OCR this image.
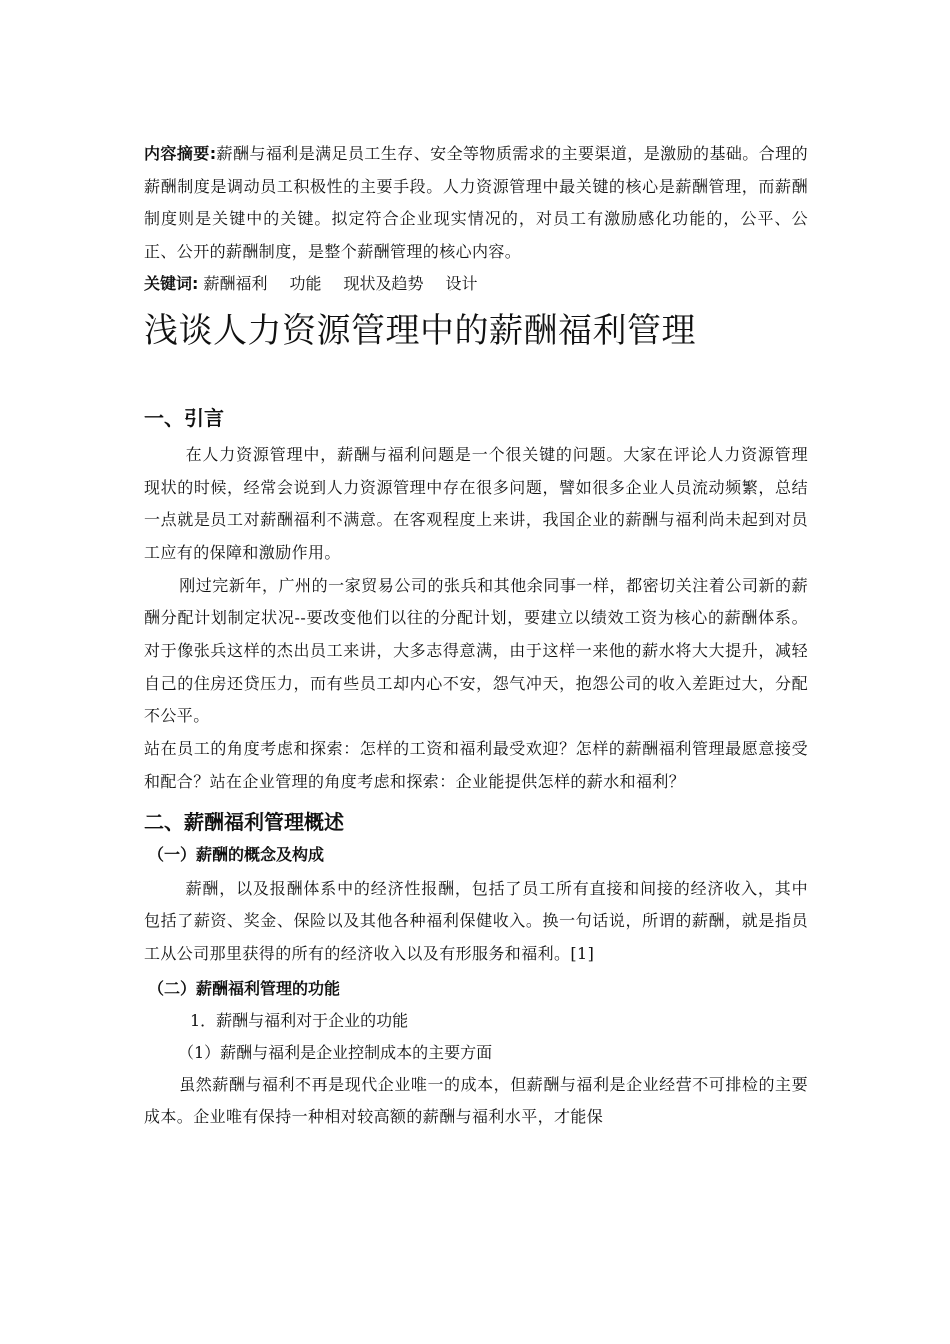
内容摘要:薪酬与福利是满足员工生存、安全等物质需求的主要渠道，是激励的基础。合理的薪酬制度是调动员工积极性的主要手段。人力资源管理中最关键的核心是薪酬管理，而薪酬制度则是关键中的关键。拟定符合企业现实情况的，对员工有激励感化功能的，公平、公正、公开的薪酬制度，是整个薪酬管理的核心内容。

关键词: 薪酬福利 功能 现状及趋势 设计

浅谈人力资源管理中的薪酬福利管理
一、引言

在人力资源管理中，薪酬与福利问题是一个很关键的问题。大家在评论人力资源管理现状的时候，经常会说到人力资源管理中存在很多问题，譬如很多企业人员流动频繁，总结一点就是员工对薪酬福利不满意。在客观程度上来讲，我国企业的薪酬与福利尚未起到对员工应有的保障和激励作用。

刚过完新年，广州的一家贸易公司的张兵和其他余同事一样，都密切关注着公司新的薪酬分配计划制定状况--要改变他们以往的分配计划，要建立以绩效工资为核心的薪酬体系。对于像张兵这样的杰出员工来讲，大多志得意满，由于这样一来他的薪水将大大提升，减轻自己的住房还贷压力，而有些员工却内心不安，怨气冲天，抱怨公司的收入差距过大，分配不公平。

站在员工的角度考虑和探索：怎样的工资和福利最受欢迎？怎样的薪酬福利管理最愿意接受和配合？站在企业管理的角度考虑和探索：企业能提供怎样的薪水和福利？

二、薪酬福利管理概述
（一）薪酬的概念及构成

薪酬，以及报酬体系中的经济性报酬，包括了员工所有直接和间接的经济收入，其中包括了薪资、奖金、保险以及其他各种福利保健收入。换一句话说，所谓的薪酬，就是指员工从公司那里获得的所有的经济收入以及有形服务和福利。[1]

（二）薪酬福利管理的功能

1．薪酬与福利对于企业的功能

（1）薪酬与福利是企业控制成本的主要方面

虽然薪酬与福利不再是现代企业唯一的成本，但薪酬与福利是企业经营不可排检的主要成本。企业唯有保持一种相对较高额的薪酬与福利水平，才能保
